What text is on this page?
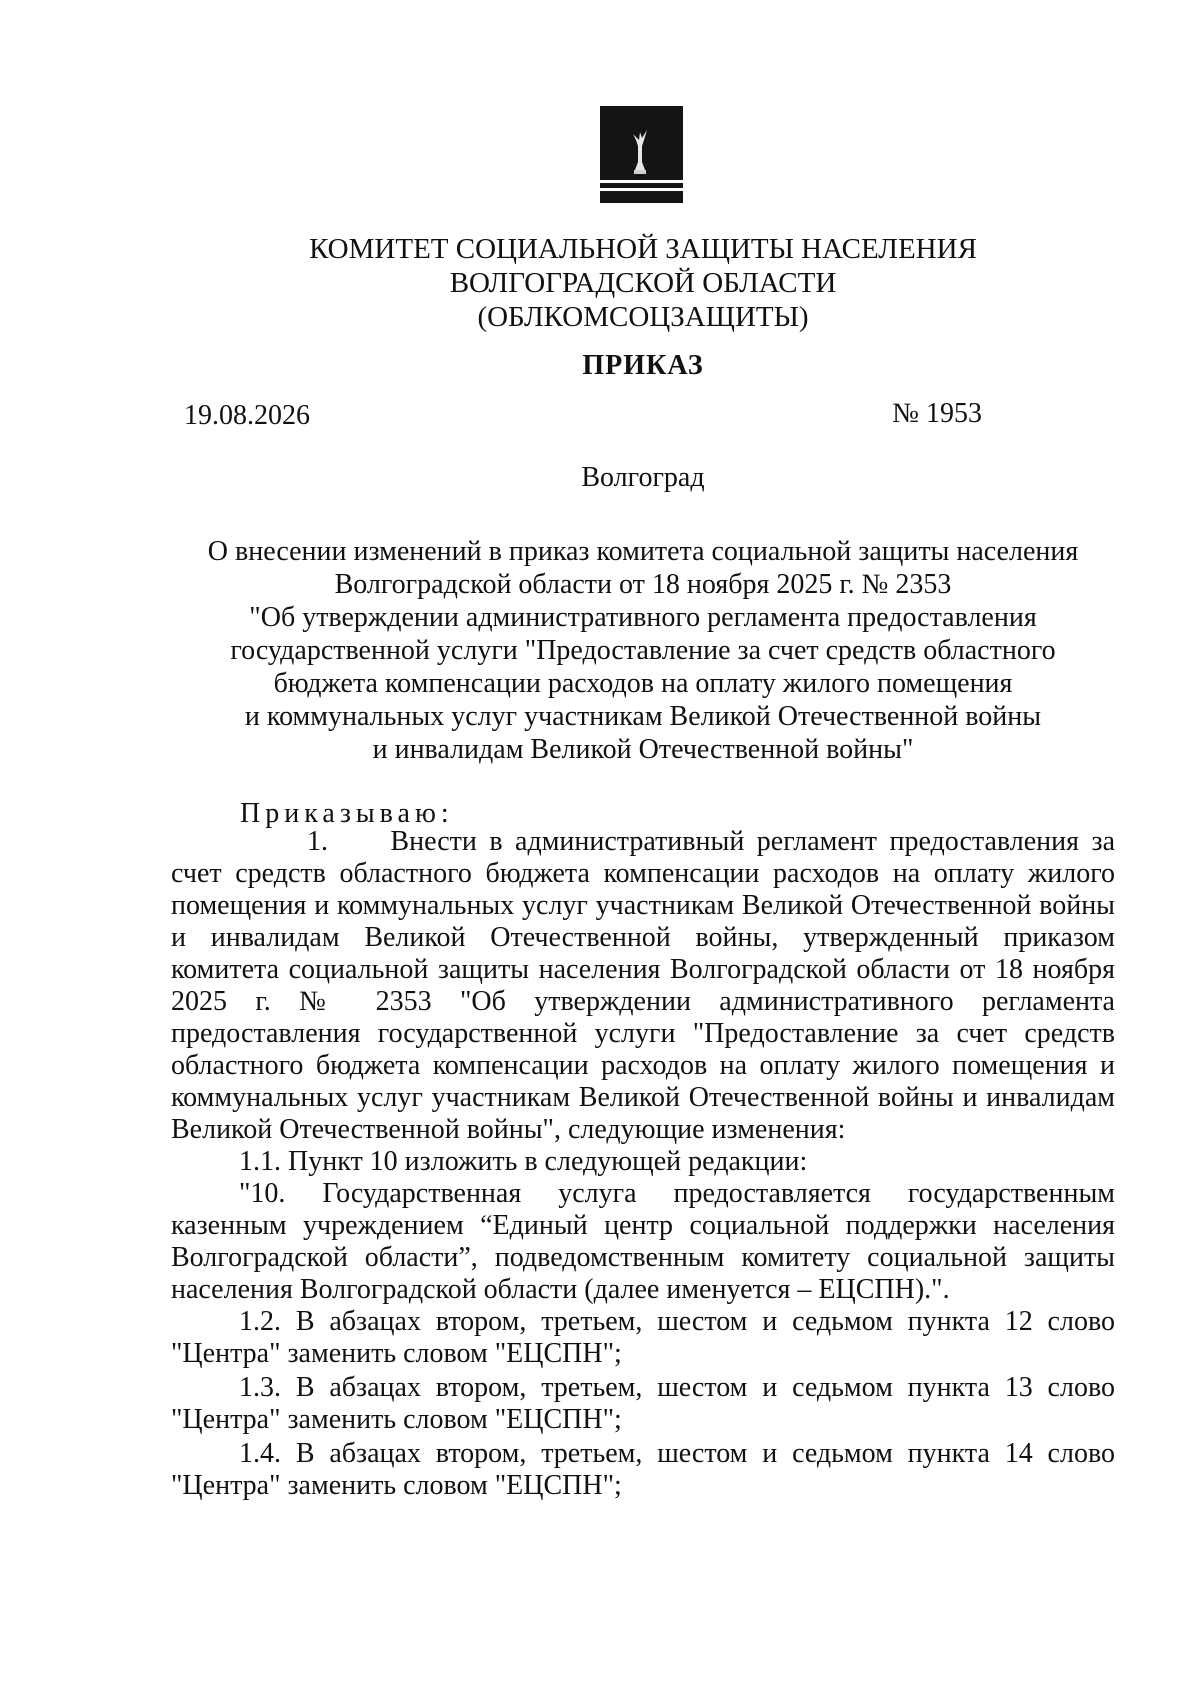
КОМИТЕТ СОЦИАЛЬНОЙ ЗАЩИТЫ НАСЕЛЕНИЯ
ВОЛГОГРАДСКОЙ ОБЛАСТИ
(ОБЛКОМСОЦЗАЩИТЫ)
ПРИКАЗ
19.08.2026	№ 1953
Волгоград
О внесении изменений в приказ комитета социальной защиты населения
Волгоградской области от 18 ноября 2025 г. № 2353
"Об утверждении административного регламента предоставления
государственной услуги "Предоставление за счет средств областного
бюджета компенсации расходов на оплату жилого помещения
и коммунальных услуг участникам Великой Отечественной войны
и инвалидам Великой Отечественной войны"
Приказываю:

1. Внести в административный регламент предоставления за счет средств областного бюджета компенсации расходов на оплату жилого помещения и коммунальных услуг участникам Великой Отечественной войны и инвалидам Великой Отечественной войны, утвержденный приказом комитета социальной защиты населения Волгоградской области от 18 ноября 2025 г. № 2353 "Об утверждении административного регламента предоставления государственной услуги "Предоставление за счет средств областного бюджета компенсации расходов на оплату жилого помещения и коммунальных услуг участникам Великой Отечественной войны и инвалидам Великой Отечественной войны", следующие изменения:

1.1. Пункт 10 изложить в следующей редакции:

"10. Государственная услуга предоставляется государственным казенным учреждением “Единый центр социальной поддержки населения Волгоградской области”, подведомственным комитету социальной защиты населения Волгоградской области (далее именуется – ЕЦСПН).".

1.2. В абзацах втором, третьем, шестом и седьмом пункта 12 слово "Центра" заменить словом "ЕЦСПН";

1.3. В абзацах втором, третьем, шестом и седьмом пункта 13 слово "Центра" заменить словом "ЕЦСПН";

1.4. В абзацах втором, третьем, шестом и седьмом пункта 14 слово "Центра" заменить словом "ЕЦСПН";
